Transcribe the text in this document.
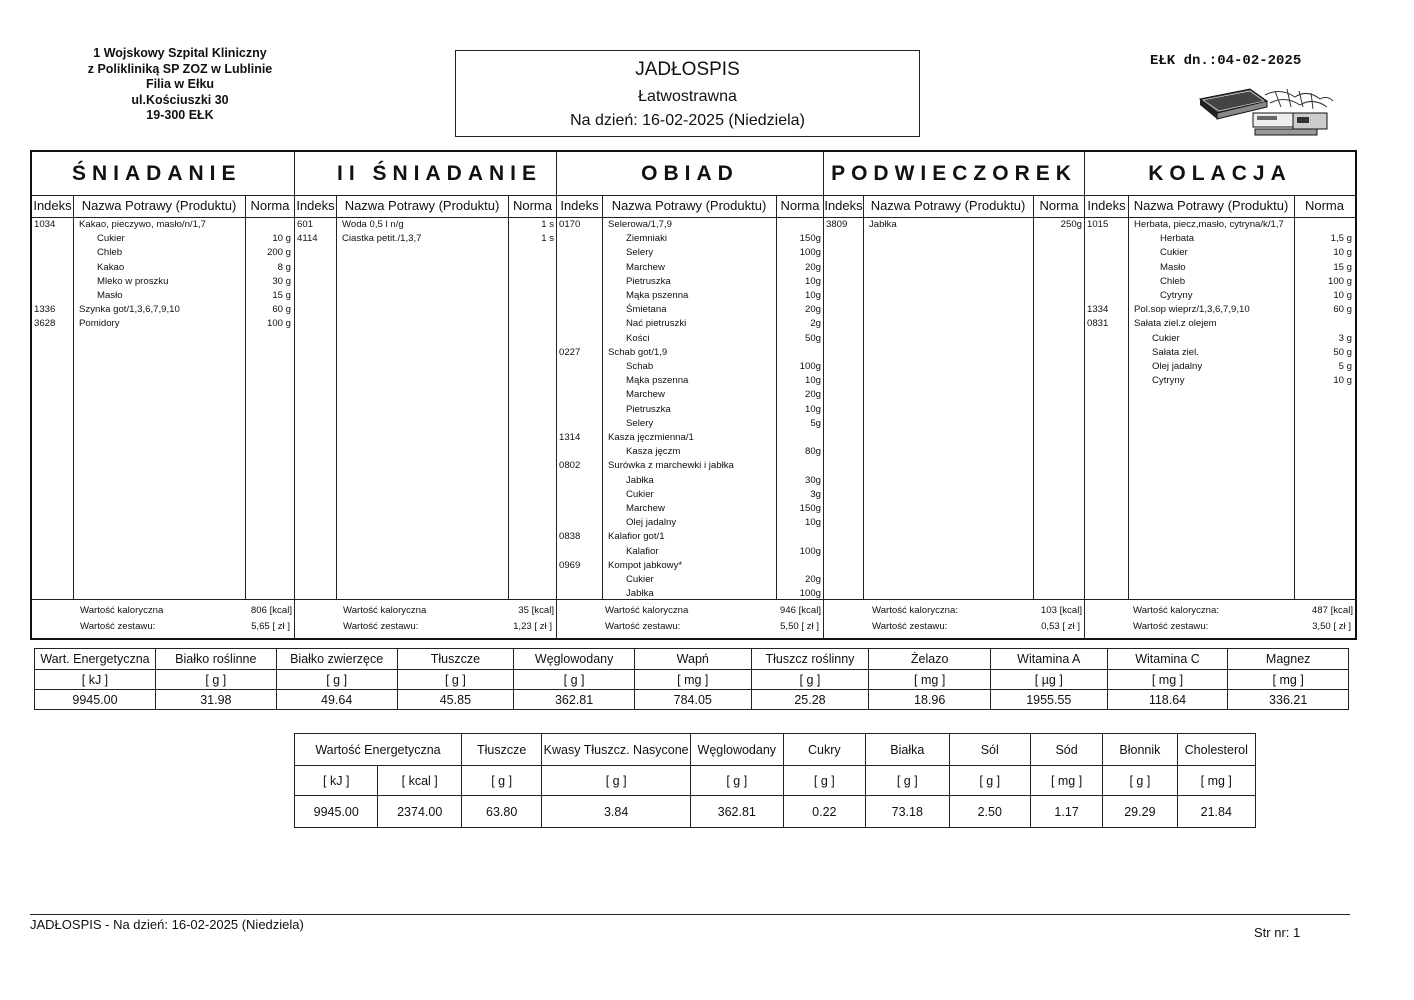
1 Wojskowy Szpital Kliniczny
z Polikliniką SP ZOZ w Lublinie
Filia w Ełku
ul.Kościuszki 30
19-300 EŁK
JADŁOSPIS
Łatwostrawna
Na dzień: 16-02-2025 (Niedziela)
EŁK dn.:04-02-2025
ŚNIADANIE
Indeks Nazwa Potrawy (Produktu)	Norma
1034 Kakao, pieczywo, masło/n/1,7
Cukier	10 g
Chleb	200 g
Kakao	8 g
Mleko w proszku	30 g
Masło	15 g
1336 Szynka got/1,3,6,7,9,10	60 g
3628 Pomidory	100 g
Wartość kaloryczna	806 [kcal]
Wartość zestawu:	5,65 [ zł ]
II ŚNIADANIE
Indeks Nazwa Potrawy (Produktu)	Norma
601	Woda 0,5 l n/g	1 s
4114	Ciastka petit./1,3,7	1 s
Wartość kaloryczna	35 [kcal]
Wartość zestawu:	1,23 [ zł ]
OBIAD
Indeks	Nazwa Potrawy (Produktu)	Norma
0170	Selerowa/1,7,9
Ziemniaki	150g
Selery	100g
Marchew	20g
Pietruszka	10g
Mąka pszenna	10g
Śmietana	20g
Nać pietruszki	2g
Kości	50g
0227	Schab got/1,9
Schab	100g
Mąka pszenna	10g
Marchew	20g
Pietruszka	10g
Selery	5g
1314	Kasza jęczmienna/1
Kasza jęczm	80g
0802	Surówka z marchewki i jabłka
Jabłka	30g
Cukier	3g
Marchew	150g
Olej jadalny	10g
0838	Kalafior got/1
Kalafior	100g
0969	Kompot jabkowy*
Cukier	20g
Jabłka	100g
Wartość kaloryczna	946 [kcal]
Wartość zestawu:	5,50 [ zł ]
PODWIECZOREK
Indeks Nazwa Potrawy (Produktu)	Norma
3809 Jabłka	250g
Wartość kaloryczna:	103 [kcal]
Wartość zestawu:	0,53 [ zł ]
KOLACJA
Indeks Nazwa Potrawy (Produktu)	Norma
1015	Herbata, piecz,masło, cytryna/k/1,7
Herbata	1,5 g
Cukier	10 g
Masło	15 g
Chleb	100 g
Cytryny	10 g
1334	Pol.sop wieprz/1,3,6,7,9,10	60 g
0831	Sałata ziel.z olejem
Cukier	3 g
Sałata ziel.	50 g
Olej jadalny	5 g
Cytryny	10 g
Wartość kaloryczna:	487 [kcal]
Wartość zestawu:	3,50 [ zł ]
Wart. Energetyczna	Białko roślinne	Białko zwierzęce	Tłuszcze	Węglowodany	Wapń	Tłuszcz roślinny	Żelazo	Witamina A	Witamina C	Magnez
[ kJ ]	[ g ]	[ g ]	[ g ]	[ g ]	[ mg ]	[ g ]	[ mg ]	[ µg ]	[ mg ]	[ mg ]
9945.00	31.98	49.64	45.85	362.81	784.05	25.28	18.96	1955.55	118.64	336.21
Wartość Energetyczna		Tłuszcze	Kwasy Tłuszcz. Nasycone	Węglowodany	Cukry	Białka	Sól	Sód	Błonnik	Cholesterol
[ kJ ]	[ kcal ]	[ g ]	[ g ]	[ g ]	[ g ]	[ g ]	[ g ]	[ mg ]	[ g ]	[ mg ]
9945.00	2374.00	63.80	3.84	362.81	0.22	73.18	2.50	1.17	29.29	21.84
JADŁOSPIS - Na dzień: 16-02-2025 (Niedziela)
Str nr: 1
